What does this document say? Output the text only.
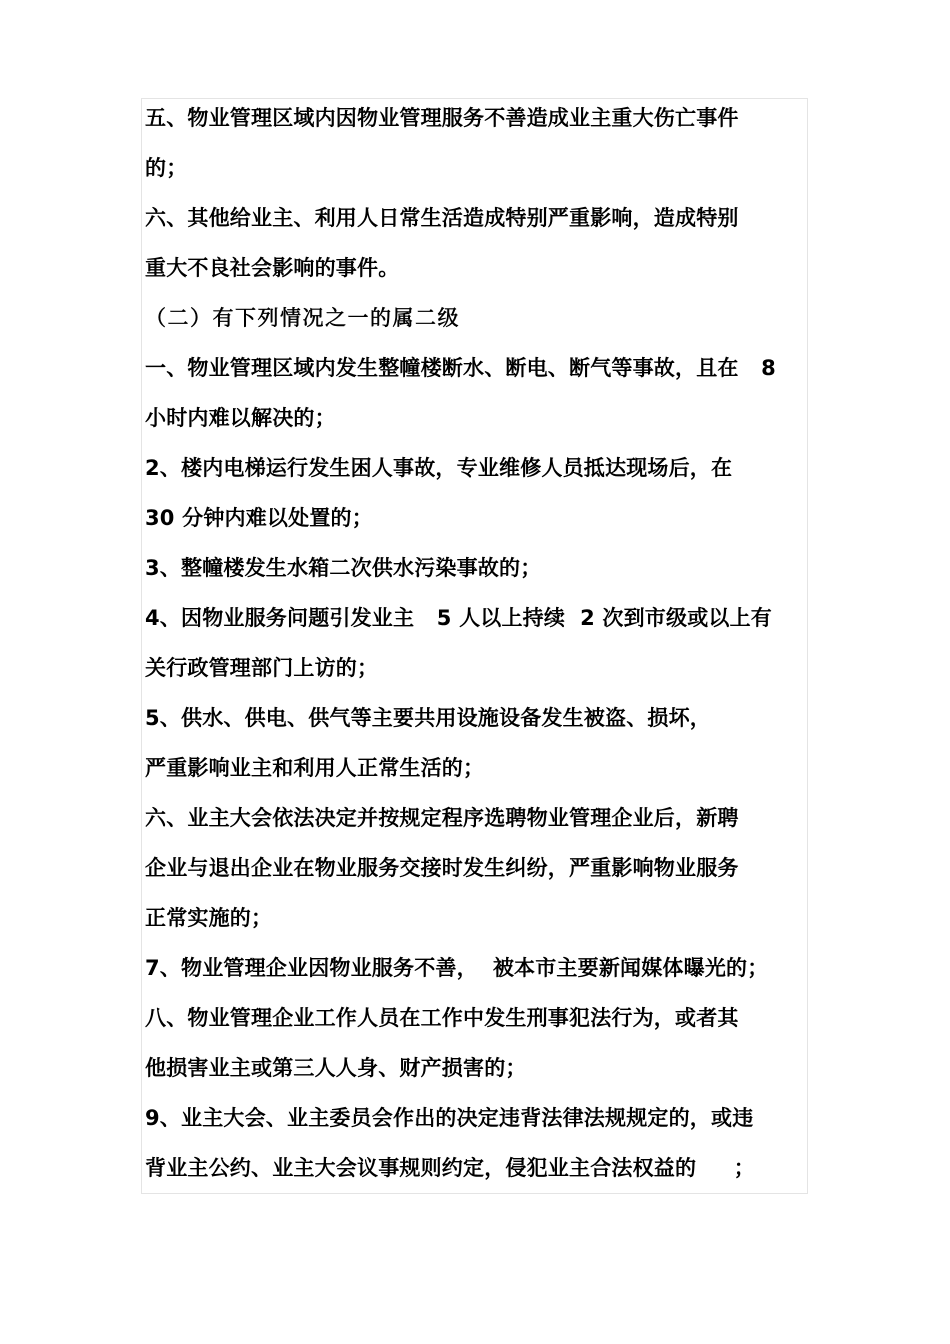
五、物业管理区域内因物业管理服务不善造成业主重大伤亡事件
的；
六、其他给业主、利用人日常生活造成特别严重影响，造成特别
重大不良社会影响的事件。
（二）有下列情况之一的属二级
一、物业管理区域内发生整幢楼断水、断电、断气等事故，且在   8
小时内难以解决的；
2、楼内电梯运行发生困人事故，专业维修人员抵达现场后，在
30 分钟内难以处置的；
3、整幢楼发生水箱二次供水污染事故的；
4、因物业服务问题引发业主   5 人以上持续  2 次到市级或以上有
关行政管理部门上访的；
5、供水、供电、供气等主要共用设施设备发生被盗、损坏，
严重影响业主和利用人正常生活的；
六、业主大会依法决定并按规定程序选聘物业管理企业后，新聘
企业与退出企业在物业服务交接时发生纠纷，严重影响物业服务
正常实施的；
7、物业管理企业因物业服务不善，  被本市主要新闻媒体曝光的；
八、物业管理企业工作人员在工作中发生刑事犯法行为，或者其
他损害业主或第三人人身、财产损害的；
9、业主大会、业主委员会作出的决定违背法律法规规定的，或违
背业主公约、业主大会议事规则约定，侵犯业主合法权益的     ；
